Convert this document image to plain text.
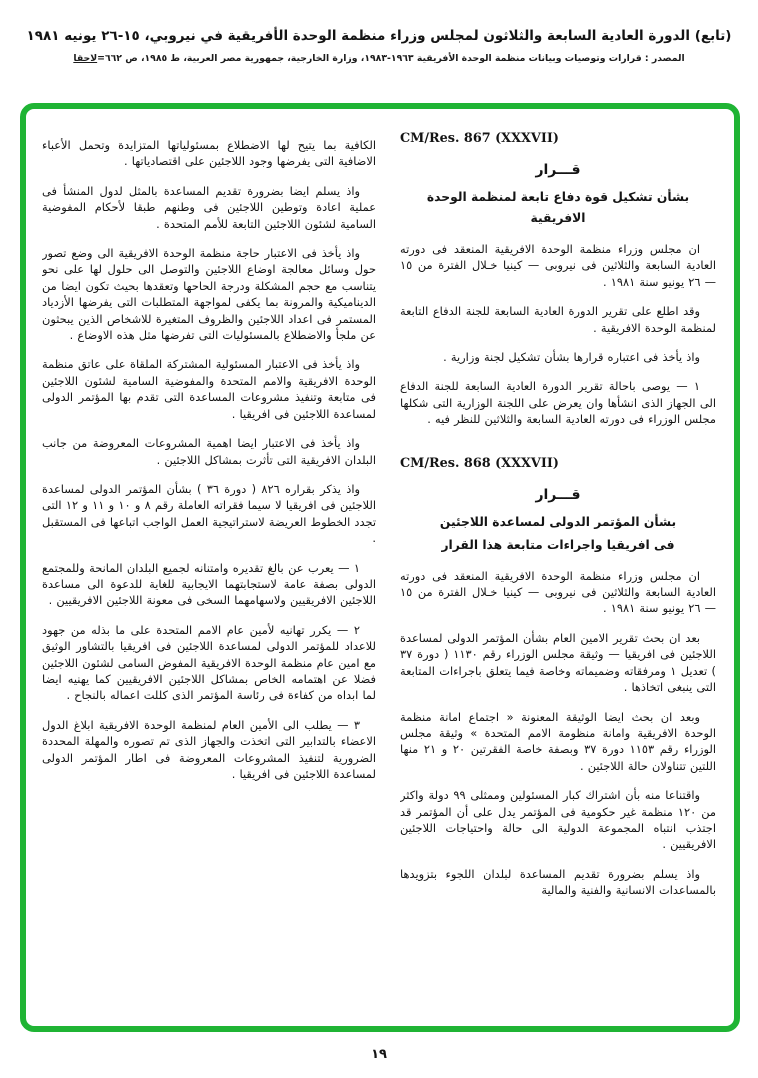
(تابع) الدورة العادية السابعة والثلاثون لمجلس وزراء منظمة الوحدة الأفريقية في نيروبي، ١٥-٢٦ يونيه ١٩٨١
المصدر : قرارات وتوصيات وبيانات منظمة الوحدة الأفريقية ١٩٦٣-١٩٨٣، وزارة الخارجية، جمهورية مصر العربية، ط ١٩٨٥، ص ٦٦٢=لاحقا
CM/Res. 867 (XXXVII)
قـــرار
بشأن تشكيل قوة دفاع تابعة لمنظمة الوحدة الافريقية

ان مجلس وزراء منظمة الوحدة الافريقية المنعقد فى دورته العادية السابعة والثلاثين فى نيروبى — كينيا خـلال الفترة من ١٥ — ٢٦ يونيو سنة ١٩٨١ .

وقد اطلع على تقرير الدورة العادية السابعة للجنة الدفاع التابعة لمنظمة الوحدة الافريقية .

واذ يأخذ فى اعتباره قرارها بشأن تشكيل لجنة وزارية .

١ — يوصى باحالة تقرير الدورة العادية السابعة للجنة الدفاع الى الجهاز الذى انشأها وان يعرض على اللجنة الوزارية التى شكلها مجلس الوزراء فى دورته العادية السابعة والثلاثين للنظر فيه .

CM/Res. 868 (XXXVII)
قـــرار
بشأن المؤتمر الدولى لمساعدة اللاجئين
فى افريقيا واجراءات متابعة هذا القرار

ان مجلس وزراء منظمة الوحدة الافريقية المنعقد فى دورته العادية السابعة والثلاثين فى نيروبى — كينيا خـلال الفترة من ١٥ — ٢٦ يونيو سنة ١٩٨١ .

بعد ان بحث تقرير الامين العام بشأن المؤتمر الدولى لمساعدة اللاجئين فى افريقيا — وثيقة مجلس الوزراء رقم ١١٣٠ ( دورة ٣٧ ) تعديل ١ ومرفقاته وضميماته وخاصة فيما يتعلق باجراءات المتابعة التى ينبغى اتخاذها .

وبعد ان بحث ايضا الوثيقة المعنونة « اجتماع امانة منظمة الوحدة الافريقية وامانة منظومة الامم المتحدة » وثيقة مجلس الوزراء رقم ١١٥٣ دورة ٣٧ وبصفة خاصة الفقرتين ٢٠ و ٢١ منها اللتين تتناولان حالة اللاجئين .

واقتناعا منه بأن اشتراك كبار المسئولين وممثلى ٩٩ دولة واكثر من ١٢٠ منظمة غير حكومية فى المؤتمر يدل على أن المؤتمر قد اجتذب انتباه المجموعة الدولية الى حالة واحتياجات اللاجئين الافريقيين .

واذ يسلم بضرورة تقديم المساعدة لبلدان اللجوء بتزويدها بالمساعدات الانسانية والفنية والمالية

الكافية بما يتيح لها الاضطلاع بمسئولياتها المتزايدة وتحمل الأعباء الاضافية التى يفرضها وجود اللاجئين على اقتصادياتها .

واذ يسلم ايضا بضرورة تقديم المساعدة بالمثل لدول المنشأ فى عملية اعادة وتوطين اللاجئين فى وطنهم طبقا لأحكام المفوضية السامية لشئون اللاجئين التابعة للأمم المتحدة .

واذ يأخذ فى الاعتبار حاجة منظمة الوحدة الافريقية الى وضع تصور حول وسائل معالجة اوضاع اللاجئين والتوصل الى حلول لها على نحو يتناسب مع حجم المشكلة ودرجة الحاحها وتعقدها بحيث تكون ايضا من الديناميكية والمرونة بما يكفى لمواجهة المتطلبات التى يفرضها الأزدياد المستمر فى اعداد اللاجئين والظروف المتغيرة للاشخاص الذين يبحثون عن ملجأ والاضطلاع بالمسئوليات التى تفرضها مثل هذه الاوضاع .

واذ يأخذ فى الاعتبار المسئولية المشتركة الملقاة على عاتق منظمة الوحدة الافريقية والامم المتحدة والمفوضية السامية لشئون اللاجئين فى متابعة وتنفيذ مشروعات المساعدة التى تقدم بها المؤتمر الدولى لمساعدة اللاجئين فى افريقيا .

واذ يأخذ فى الاعتبار ايضا اهمية المشروعات المعروضة من جانب البلدان الافريقية التى تأثرت بمشاكل اللاجئين .

واذ يذكر بقراره ٨٢٦ ( دورة ٣٦ ) بشأن المؤتمر الدولى لمساعدة اللاجئين فى افريقيا لا سيما فقراته العاملة رقم ٨ و ١٠ و ١١ و ١٢ التى تجدد الخطوط العريضة لاستراتيجية العمل الواجب اتباعها فى المستقبل .

١ — يعرب عن بالغ تقديره وامتنانه لجميع البلدان المانحة وللمجتمع الدولى بصفة عامة لاستجابتهما الايجابية للغاية للدعوة الى مساعدة اللاجئين الافريقيين ولاسهامهما السخى فى معونة اللاجئين الافريقيين .

٢ — يكرر تهانيه لأمين عام الامم المتحدة على ما بذله من جهود للاعداد للمؤتمر الدولى لمساعدة اللاجئين فى افريقيا بالتشاور الوثيق مع امين عام منظمة الوحدة الافريقية المفوض السامى لشئون اللاجئين فضلا عن اهتمامه الخاص بمشاكل اللاجئين الافريقيين كما يهنيه ايضا لما ابداه من كفاءة فى رئاسة المؤتمر الذى كللت اعماله بالنجاح .

٣ — يطلب الى الأمين العام لمنظمة الوحدة الافريقية ابلاغ الدول الاعضاء بالتدابير التى اتخذت والجهاز الذى تم تصوره والمهلة المحددة الضرورية لتنفيذ المشروعات المعروضة فى اطار المؤتمر الدولى لمساعدة اللاجئين فى افريقيا .

١٩
